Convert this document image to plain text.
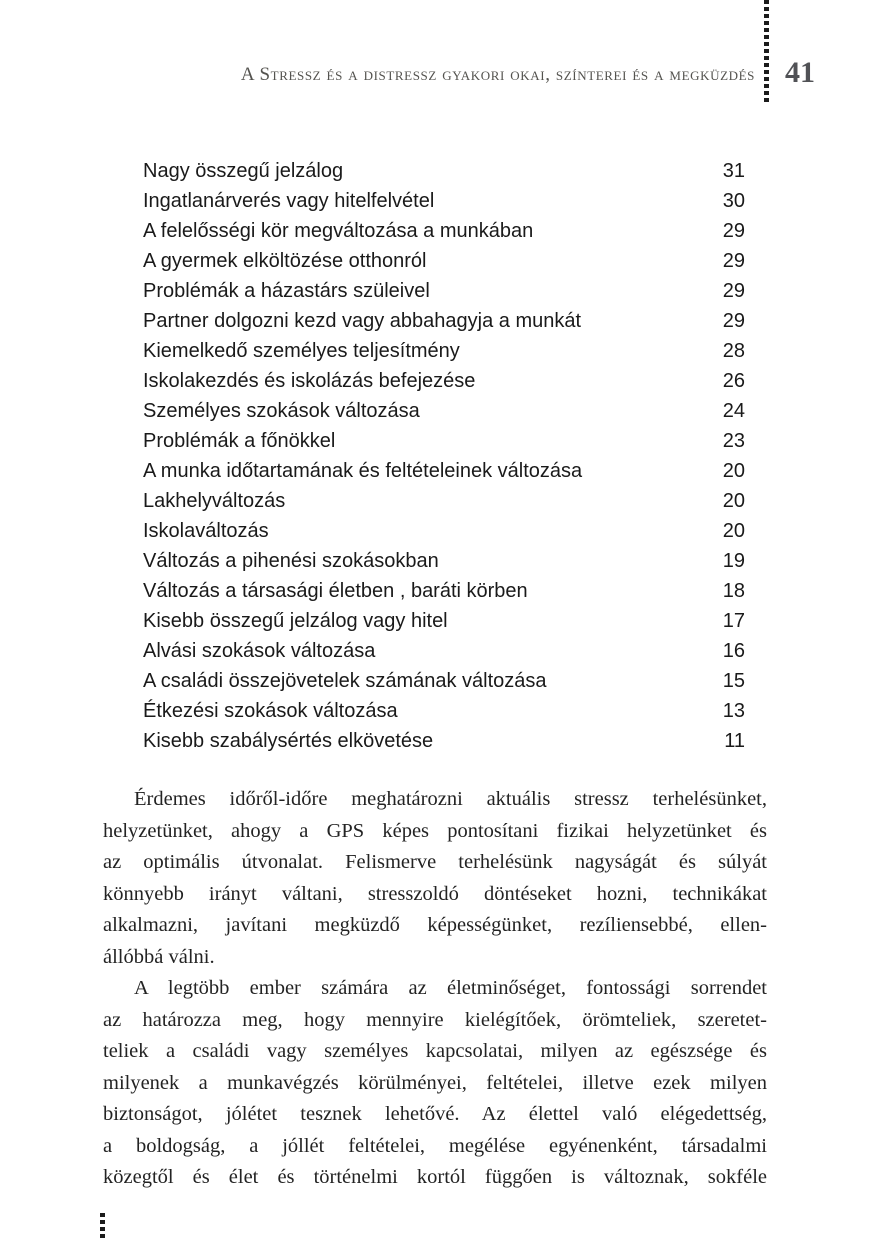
A Stressz és a distressz gyakori okai, színterei és a megküzdés 41
Nagy összegű jelzálog	31
Ingatlanárverés vagy hitelfelvétel	30
A felelősségi kör megváltozása a munkában	29
A gyermek elköltözése otthonról	29
Problémák a házastárs szüleivel	29
Partner dolgozni kezd vagy abbahagyja a munkát	29
Kiemelkedő személyes teljesítmény	28
Iskolakezdés és iskolázás befejezése	26
Személyes szokások változása	24
Problémák a főnökkel	23
A munka időtartamának és feltételeinek változása	20
Lakhelyváltozás	20
Iskolaváltozás	20
Változás a pihenési szokásokban	19
Változás a társasági életben , baráti körben	18
Kisebb összegű jelzálog vagy hitel	17
Alvási szokások változása	16
A családi összejövetelek számának változása	15
Étkezési szokások változása	13
Kisebb szabálysértés elkövetése	11
Érdemes időről-időre meghatározni aktuális stressz terhelésünket,
helyzetünket, ahogy a GPS képes pontosítani fizikai helyzetünket és
az optimális útvonalat. Felismerve terhelésünk nagyságát és súlyát
könnyebb irányt váltani, stresszoldó döntéseket hozni, technikákat
alkalmazni, javítani megküzdő képességünket, rezíliensebbé, ellen-
állóbbá válni.
A legtöbb ember számára az életminőséget, fontossági sorrendet
az határozza meg, hogy mennyire kielégítőek, örömteliek, szeretet-
teliek a családi vagy személyes kapcsolatai, milyen az egészsége és
milyenek a munkavégzés körülményei, feltételei, illetve ezek milyen
biztonságot, jólétet tesznek lehetővé. Az élettel való elégedettség,
a boldogság, a jóllét feltételei, megélése egyénenként, társadalmi
közegtől és élet és történelmi kortól függően is változnak, sokféle
